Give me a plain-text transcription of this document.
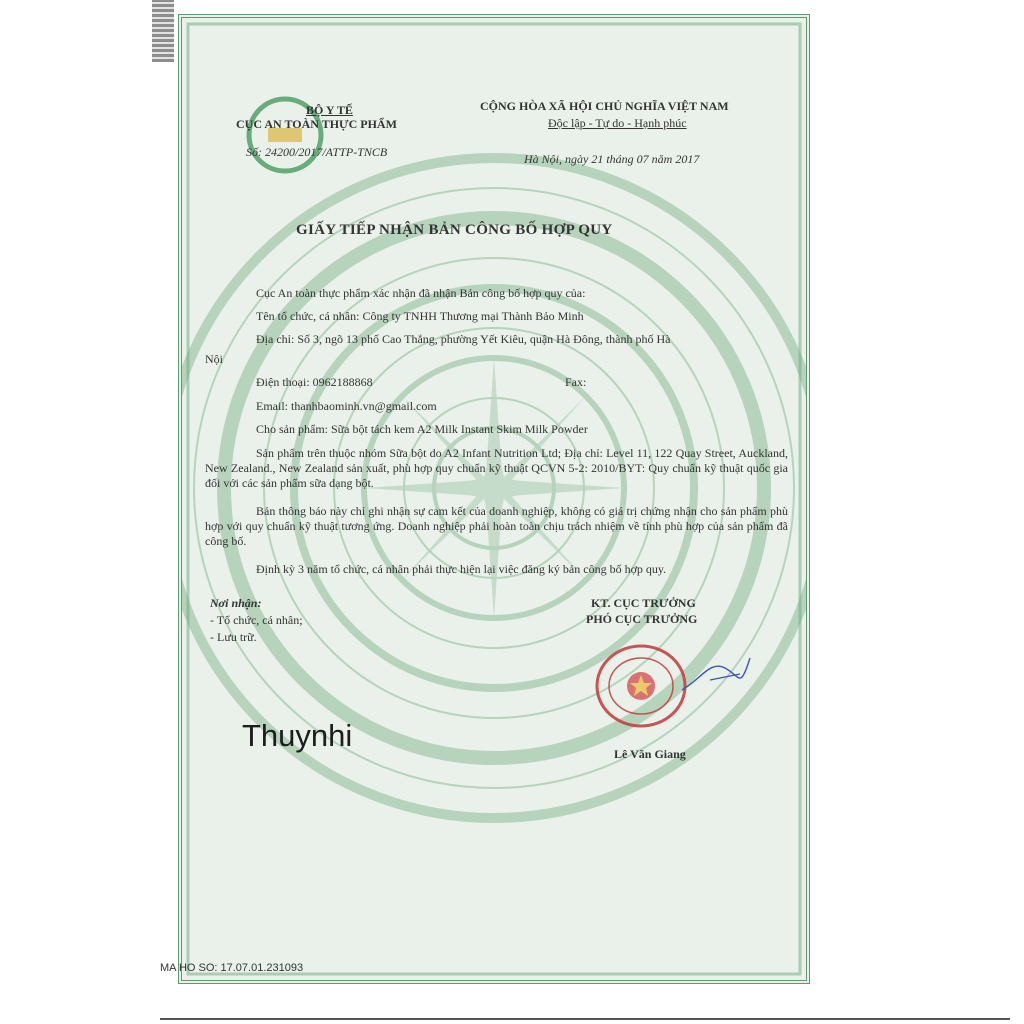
BỘ Y TẾ
CỤC AN TOÀN THỰC PHẨM
Số: 24200/2017/ATTP-TNCB
CỘNG HÒA XÃ HỘI CHỦ NGHĨA VIỆT NAM
Độc lập - Tự do - Hạnh phúc
Hà Nội, ngày 21 tháng 07 năm 2017
GIẤY TIẾP NHẬN BẢN CÔNG BỐ HỢP QUY
Cục An toàn thực phẩm xác nhận đã nhận Bản công bố hợp quy của:
Tên tổ chức, cá nhân: Công ty TNHH Thương mại Thành Bảo Minh
Địa chỉ: Số 3, ngõ 13 phố Cao Thắng, phường Yết Kiêu, quận Hà Đông, thành phố Hà
Nội
Điện thoại: 0962188868	Fax:
Email: thanhbaominh.vn@gmail.com
Cho sản phẩm: Sữa bột tách kem A2 Milk Instant Skim Milk Powder
Sản phẩm trên thuộc nhóm Sữa bột do A2 Infant Nutrition Ltd; Địa chỉ: Level 11, 122 Quay Street, Auckland, New Zealand., New Zealand sản xuất, phù hợp quy chuẩn kỹ thuật QCVN 5-2: 2010/BYT: Quy chuẩn kỹ thuật quốc gia đối với các sản phẩm sữa dạng bột.
Bản thông báo này chỉ ghi nhận sự cam kết của doanh nghiệp, không có giá trị chứng nhận cho sản phẩm phù hợp với quy chuẩn kỹ thuật tương ứng. Doanh nghiệp phải hoàn toàn chịu trách nhiệm về tính phù hợp của sản phẩm đã công bố.
Định kỳ 3 năm tổ chức, cá nhân phải thực hiện lại việc đăng ký bản công bố hợp quy.
Nơi nhận:
- Tổ chức, cá nhân;
- Lưu trữ.
KT. CỤC TRƯỞNG
PHÓ CỤC TRƯỞNG
Lê Văn Giang
Thuynhi
MA HO SO: 17.07.01.231093
